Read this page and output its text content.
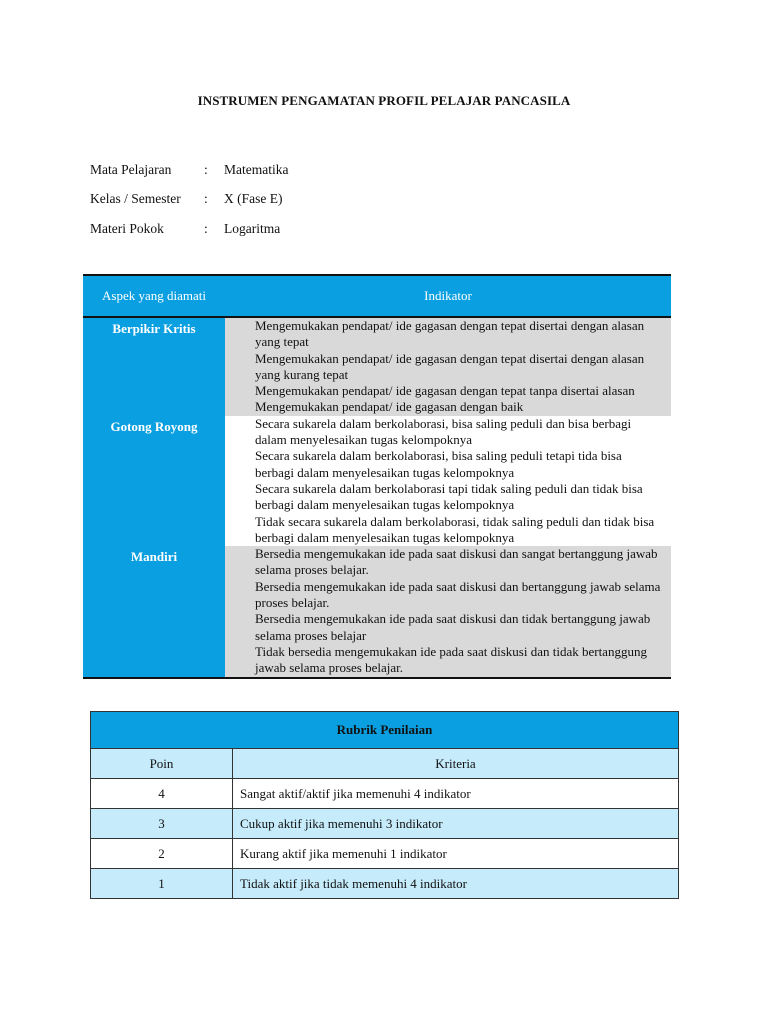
INSTRUMEN PENGAMATAN PROFIL PELAJAR PANCASILA
Mata Pelajaran	:	Matematika
Kelas / Semester	:	X (Fase E)
Materi Pokok	:	Logaritma
Aspek yang diamati	Indikator
Berpikir Kritis	Mengemukakan pendapat/ ide gagasan dengan tepat disertai dengan alasan yang tepat
Mengemukakan pendapat/ ide gagasan dengan tepat disertai dengan alasan yang kurang tepat
Mengemukakan pendapat/ ide gagasan dengan tepat tanpa disertai alasan
Mengemukakan pendapat/ ide gagasan dengan baik
Gotong Royong	Secara sukarela dalam berkolaborasi, bisa saling peduli dan bisa berbagi dalam menyelesaikan tugas kelompoknya
Secara sukarela dalam berkolaborasi, bisa saling peduli tetapi tida bisa berbagi dalam menyelesaikan tugas kelompoknya
Secara sukarela dalam berkolaborasi tapi tidak saling peduli dan tidak bisa berbagi dalam menyelesaikan tugas kelompoknya
Tidak secara sukarela dalam berkolaborasi, tidak saling peduli dan tidak bisa berbagi dalam menyelesaikan tugas kelompoknya
Mandiri	Bersedia mengemukakan ide pada saat diskusi dan sangat bertanggung jawab selama proses belajar.
Bersedia mengemukakan ide pada saat diskusi dan bertanggung jawab selama proses belajar.
Bersedia mengemukakan ide pada saat diskusi dan tidak bertanggung jawab selama proses belajar
Tidak bersedia mengemukakan ide pada saat diskusi dan tidak bertanggung jawab selama proses belajar.
Rubrik Penilaian	
Poin	Kriteria
4	Sangat aktif/aktif jika memenuhi 4 indikator
3	Cukup aktif jika memenuhi 3 indikator
2	Kurang aktif jika memenuhi 1 indikator
1	Tidak aktif jika tidak memenuhi 4 indikator
